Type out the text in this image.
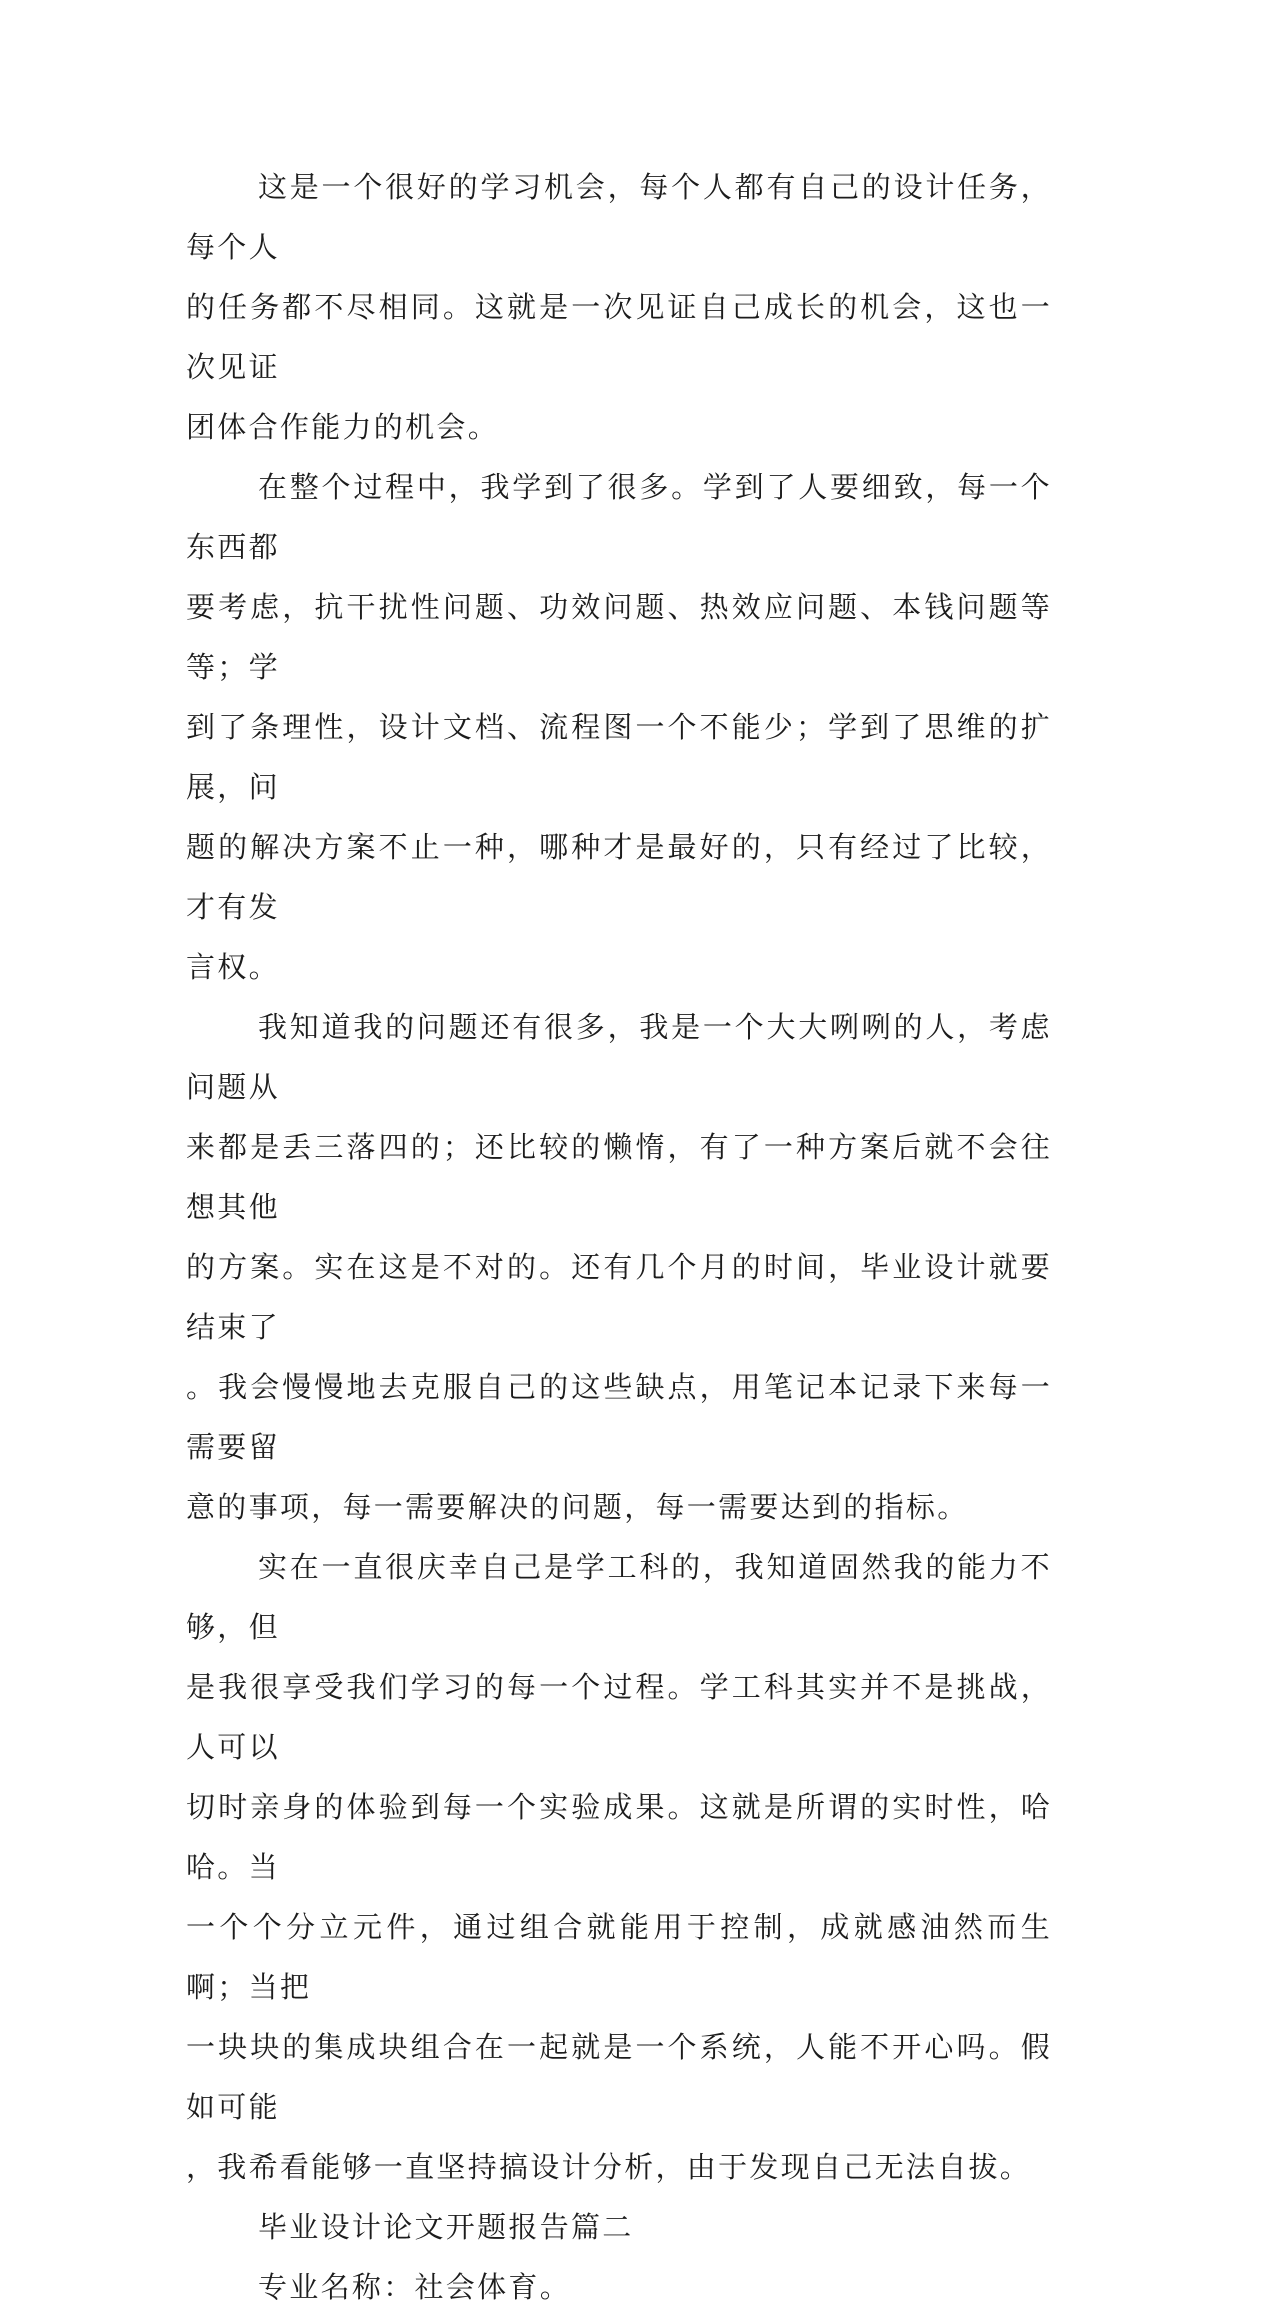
这是一个很好的学习机会，每个人都有自己的设计任务，每个人
的任务都不尽相同。这就是一次见证自己成长的机会，这也一次见证
团体合作能力的机会。

在整个过程中，我学到了很多。学到了人要细致，每一个东西都
要考虑，抗干扰性问题、功效问题、热效应问题、本钱问题等等；学
到了条理性，设计文档、流程图一个不能少；学到了思维的扩展，问
题的解决方案不止一种，哪种才是最好的，只有经过了比较，才有发
言权。

我知道我的问题还有很多，我是一个大大咧咧的人，考虑问题从
来都是丢三落四的；还比较的懒惰，有了一种方案后就不会往想其他
的方案。实在这是不对的。还有几个月的时间，毕业设计就要结束了
。我会慢慢地去克服自己的这些缺点，用笔记本记录下来每一需要留
意的事项，每一需要解决的问题，每一需要达到的指标。

实在一直很庆幸自己是学工科的，我知道固然我的能力不够，但
是我很享受我们学习的每一个过程。学工科其实并不是挑战，人可以
切时亲身的体验到每一个实验成果。这就是所谓的实时性，哈哈。当
一个个分立元件，通过组合就能用于控制，成就感油然而生啊；当把
一块块的集成块组合在一起就是一个系统，人能不开心吗。假如可能
，我希看能够一直坚持搞设计分析，由于发现自己无法自拔。

毕业设计论文开题报告篇二

专业名称：社会体育。
